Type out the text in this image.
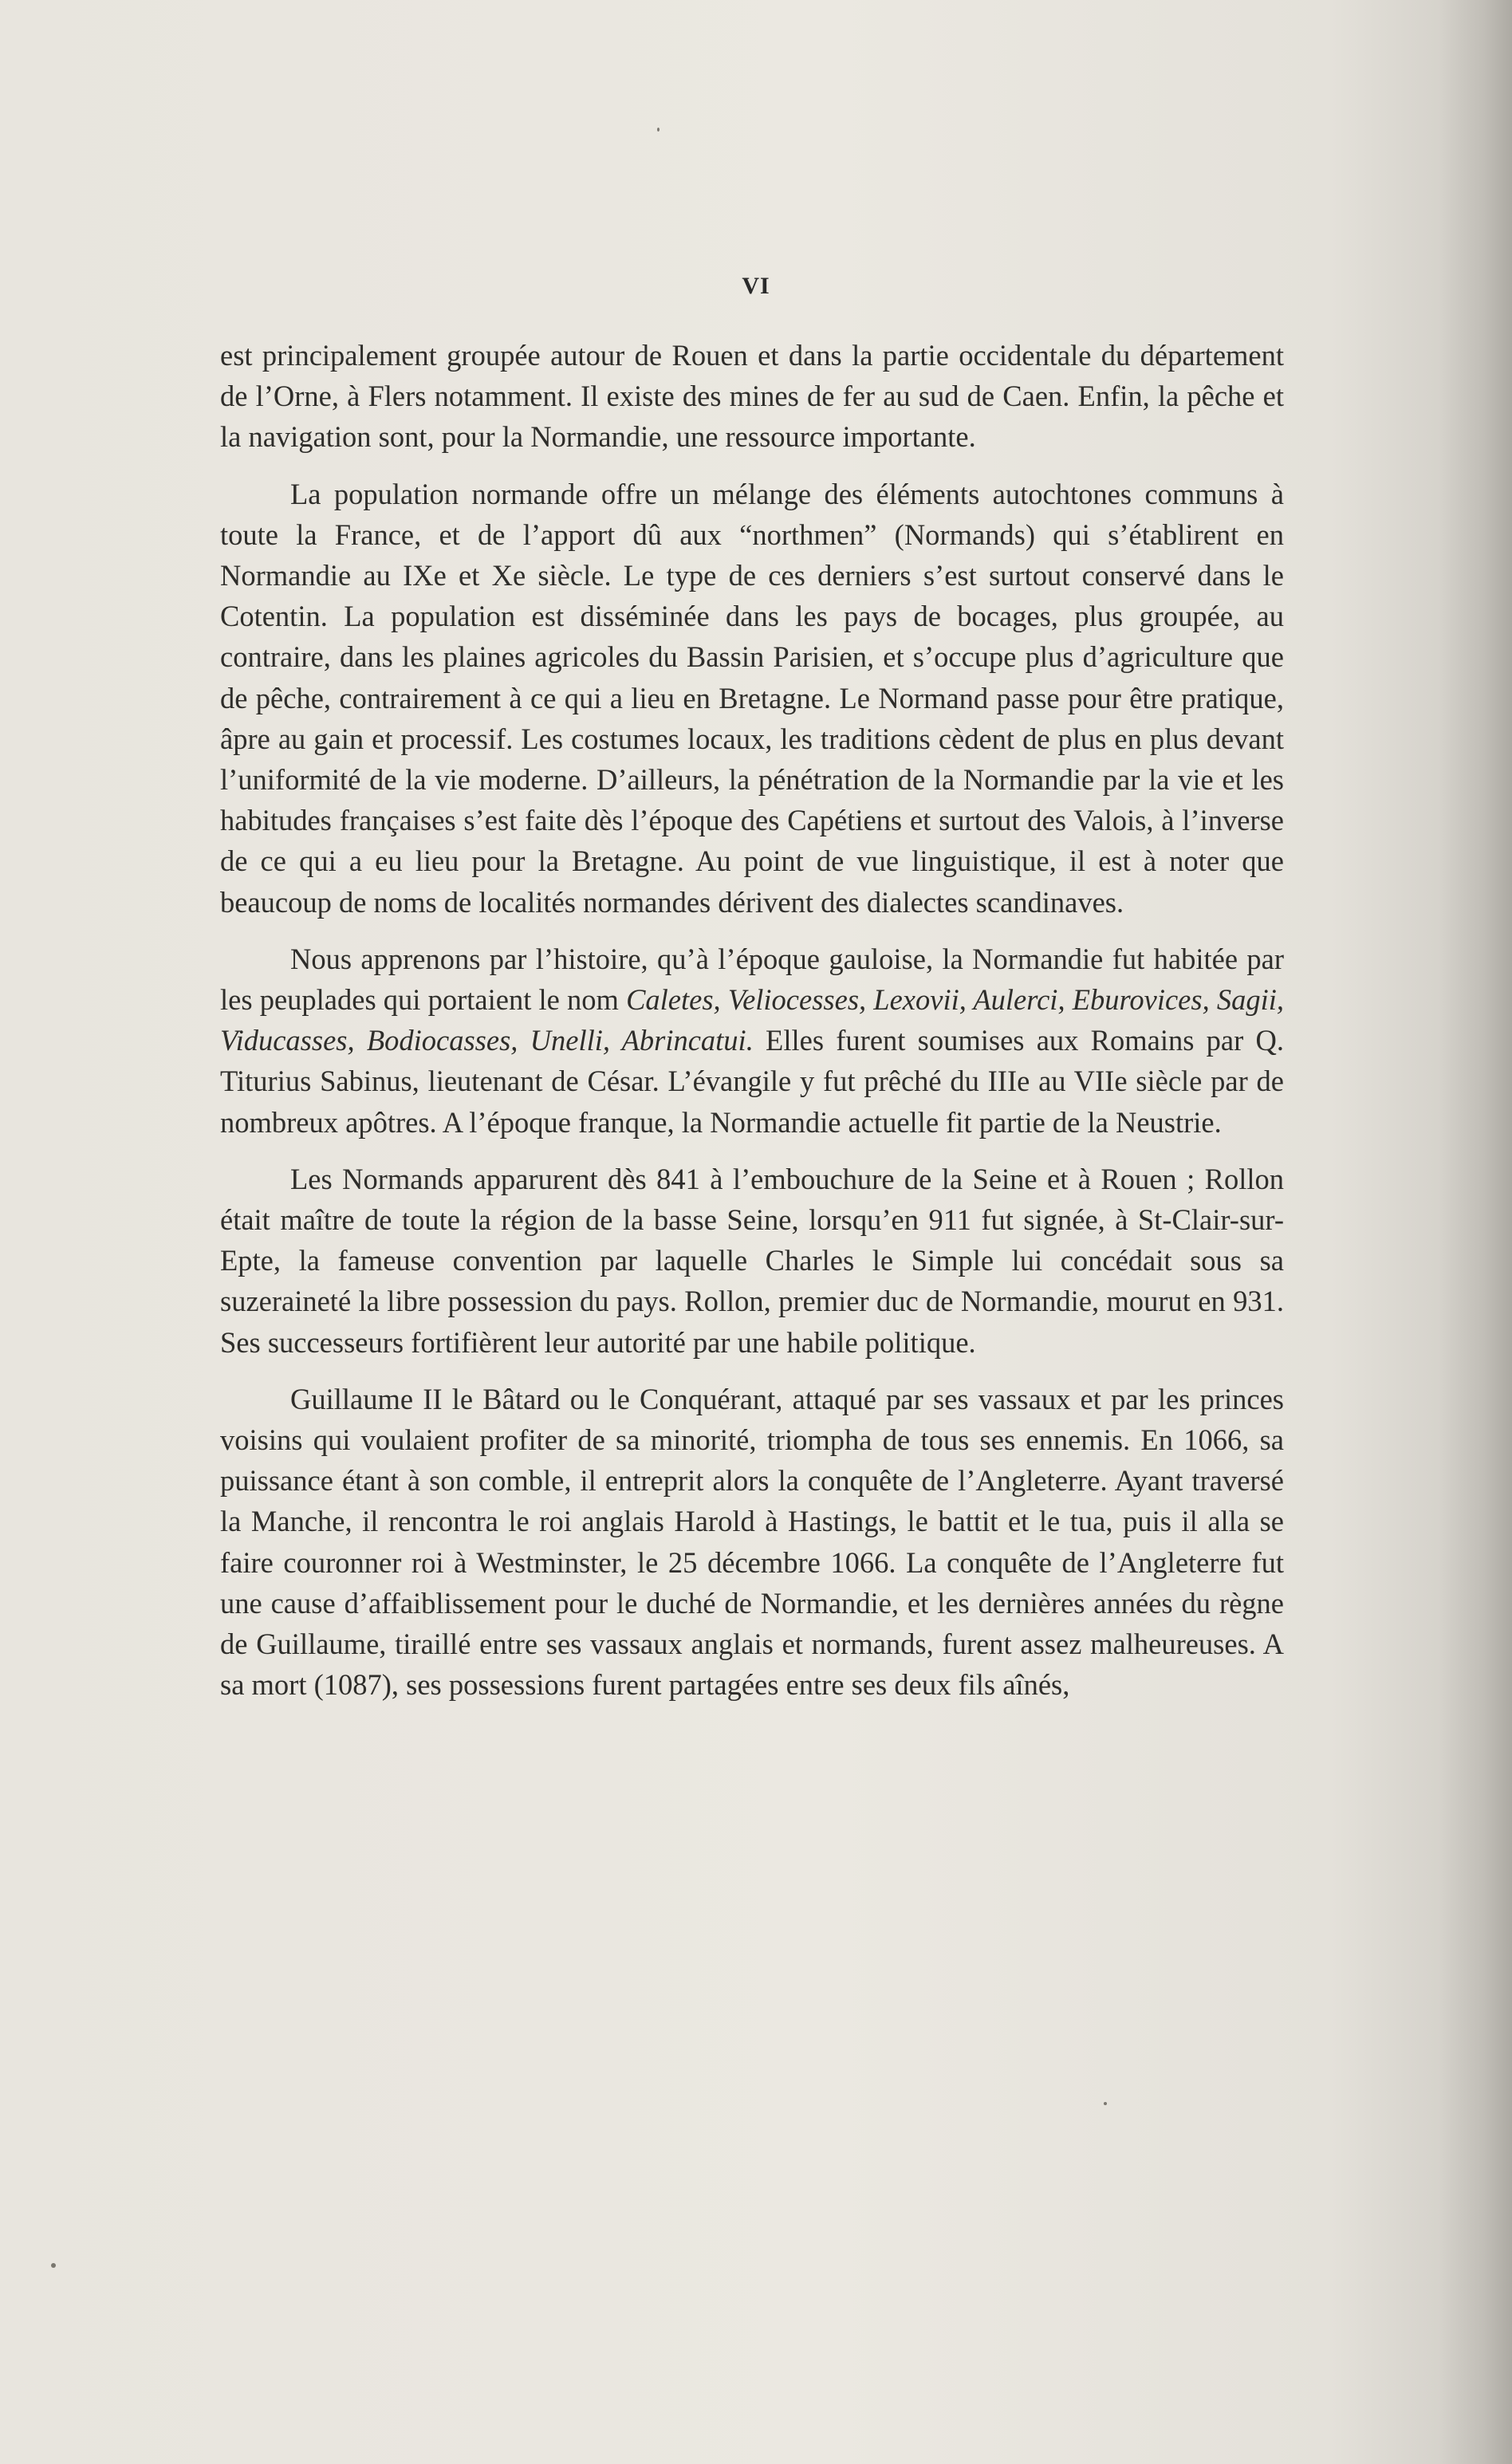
VI

est principalement groupée autour de Rouen et dans la partie occidentale du département de l’Orne, à Flers notamment. Il existe des mines de fer au sud de Caen. Enfin, la pêche et la navigation sont, pour la Normandie, une ressource importante.

La population normande offre un mélange des éléments autochtones communs à toute la France, et de l’apport dû aux “northmen” (Normands) qui s’établirent en Normandie au IXe et Xe siècle. Le type de ces derniers s’est surtout conservé dans le Cotentin. La population est disséminée dans les pays de bocages, plus groupée, au contraire, dans les plaines agricoles du Bassin Parisien, et s’occupe plus d’agriculture que de pêche, contrairement à ce qui a lieu en Bretagne. Le Normand passe pour être pratique, âpre au gain et processif. Les costumes locaux, les traditions cèdent de plus en plus devant l’uniformité de la vie moderne. D’ailleurs, la pénétration de la Normandie par la vie et les habitudes françaises s’est faite dès l’époque des Capétiens et surtout des Valois, à l’inverse de ce qui a eu lieu pour la Bretagne. Au point de vue linguistique, il est à noter que beaucoup de noms de localités normandes dérivent des dialectes scandinaves.

Nous apprenons par l’histoire, qu’à l’époque gauloise, la Normandie fut habitée par les peuplades qui portaient le nom Caletes, Veliocesses, Lexovii, Aulerci, Eburovices, Sagii, Viducasses, Bodiocasses, Unelli, Abrincatui. Elles furent soumises aux Romains par Q. Titurius Sabinus, lieutenant de César. L’évangile y fut prêché du IIIe au VIIe siècle par de nombreux apôtres. A l’époque franque, la Normandie actuelle fit partie de la Neustrie.

Les Normands apparurent dès 841 à l’embouchure de la Seine et à Rouen ; Rollon était maître de toute la région de la basse Seine, lorsqu’en 911 fut signée, à St-Clair-sur-Epte, la fameuse convention par laquelle Charles le Simple lui concédait sous sa suzeraineté la libre possession du pays. Rollon, premier duc de Normandie, mourut en 931. Ses successeurs fortifièrent leur autorité par une habile politique.

Guillaume II le Bâtard ou le Conquérant, attaqué par ses vassaux et par les princes voisins qui voulaient profiter de sa minorité, triompha de tous ses ennemis. En 1066, sa puissance étant à son comble, il entreprit alors la conquête de l’Angleterre. Ayant traversé la Manche, il rencontra le roi anglais Harold à Hastings, le battit et le tua, puis il alla se faire couronner roi à Westminster, le 25 décembre 1066. La conquête de l’Angleterre fut une cause d’affaiblissement pour le duché de Normandie, et les dernières années du règne de Guillaume, tiraillé entre ses vassaux anglais et normands, furent assez malheureuses. A sa mort (1087), ses possessions furent partagées entre ses deux fils aînés,
